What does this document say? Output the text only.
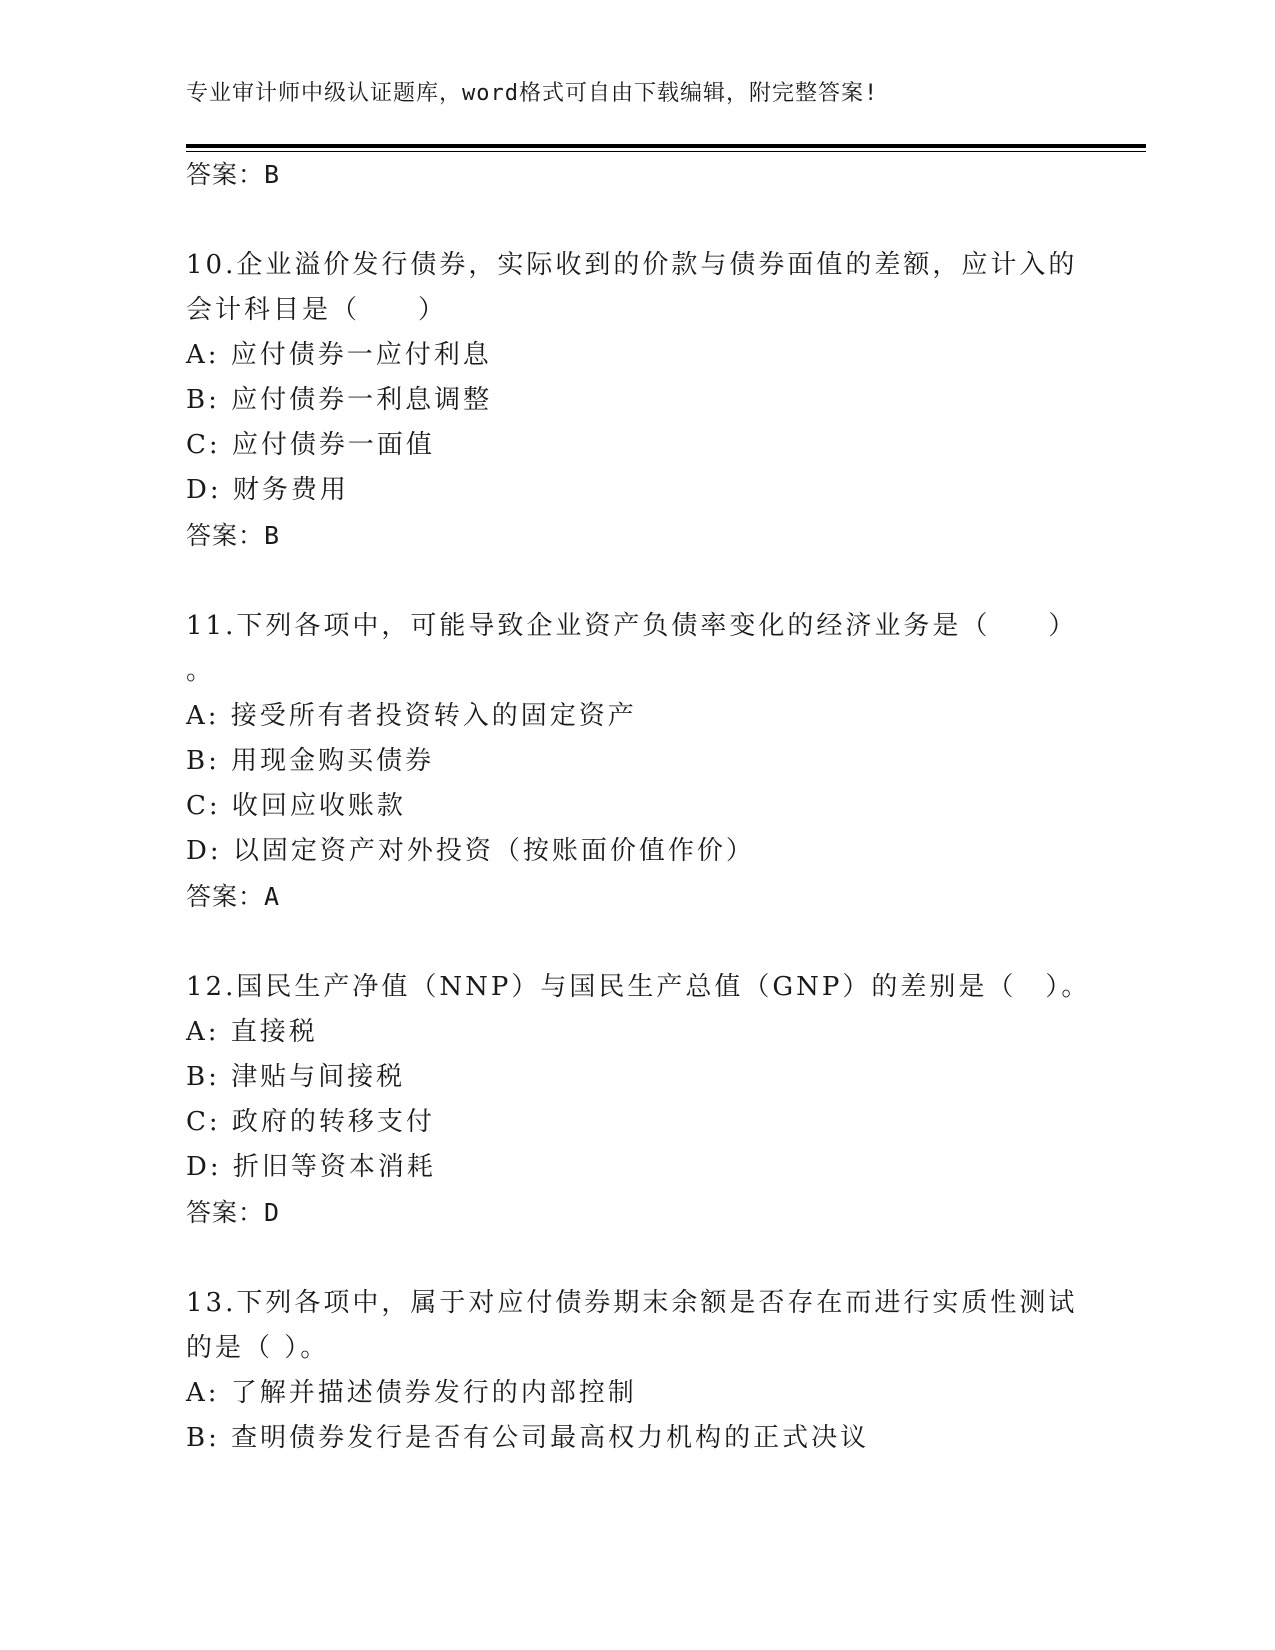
专业审计师中级认证题库，word格式可自由下载编辑，附完整答案!
答案：B
10.企业溢价发行债券，实际收到的价款与债券面值的差额，应计入的
会计科目是（　　）
A: 应付债券一应付利息
B: 应付债券一利息调整
C: 应付债券一面值
D: 财务费用
答案：B
11.下列各项中，可能导致企业资产负债率变化的经济业务是（　　）
。
A: 接受所有者投资转入的固定资产
B: 用现金购买债券
C: 收回应收账款
D: 以固定资产对外投资（按账面价值作价）
答案：A
12.国民生产净值（NNP）与国民生产总值（GNP）的差别是（　）。
A: 直接税
B: 津贴与间接税
C: 政府的转移支付
D: 折旧等资本消耗
答案：D
13.下列各项中，属于对应付债券期末余额是否存在而进行实质性测试
的是（ ）。
A: 了解并描述债券发行的内部控制
B: 查明债券发行是否有公司最高权力机构的正式决议
